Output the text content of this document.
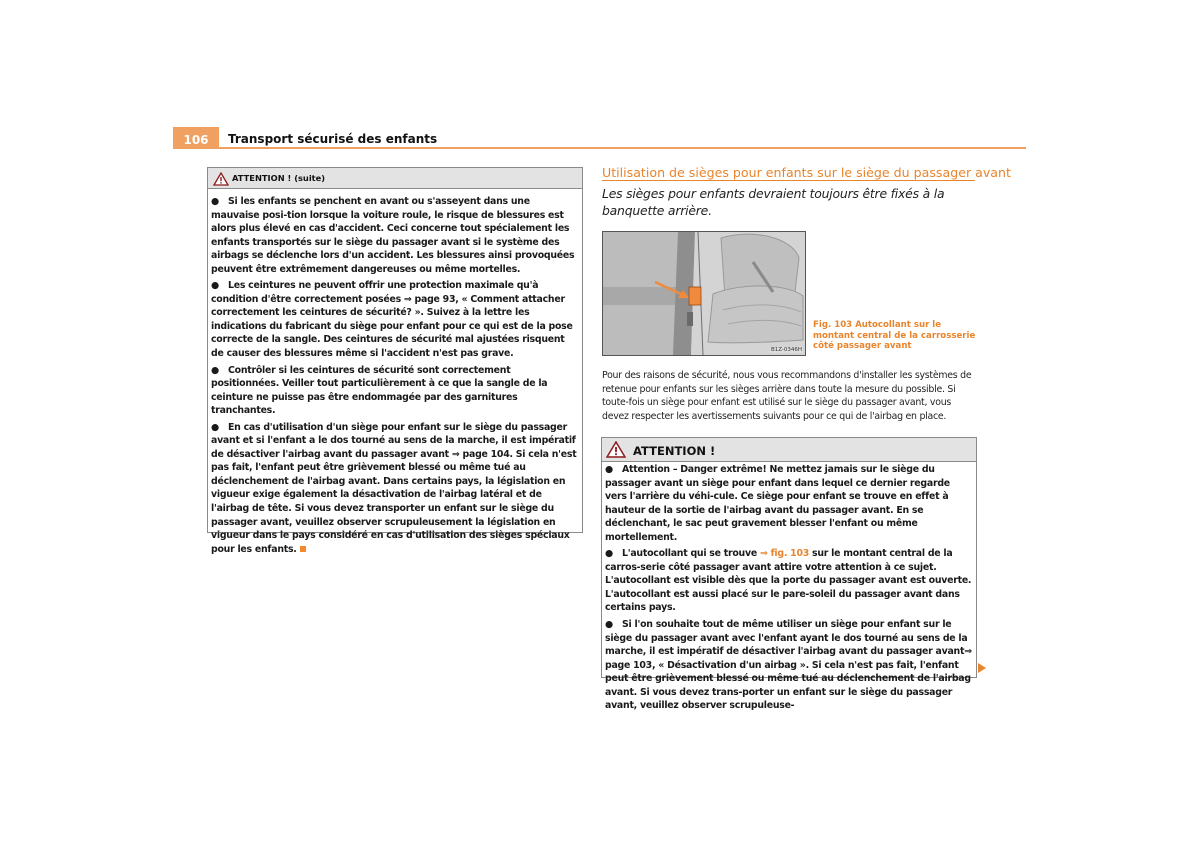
106	Transport sécurisé des enfants
ATTENTION ! (suite)

● Si les enfants se penchent en avant ou s'asseyent dans une mauvaise posi-tion lorsque la voiture roule, le risque de blessures est alors plus élevé en cas d'accident. Ceci concerne tout spécialement les enfants transportés sur le siège du passager avant si le système des airbags se déclenche lors d'un accident. Les blessures ainsi provoquées peuvent être extrêmement dangereuses ou même mortelles.

● Les ceintures ne peuvent offrir une protection maximale qu'à condition d'être correctement posées ⇒ page 93, « Comment attacher correctement les ceintures de sécurité? ». Suivez à la lettre les indications du fabricant du siège pour enfant pour ce qui est de la pose correcte de la sangle. Des ceintures de sécurité mal ajustées risquent de causer des blessures même si l'accident n'est pas grave.

● Contrôler si les ceintures de sécurité sont correctement positionnées. Veiller tout particulièrement à ce que la sangle de la ceinture ne puisse pas être endommagée par des garnitures tranchantes.

● En cas d'utilisation d'un siège pour enfant sur le siège du passager avant et si l'enfant a le dos tourné au sens de la marche, il est impératif de désactiver l'airbag avant du passager avant ⇒ page 104. Si cela n'est pas fait, l'enfant peut être grièvement blessé ou même tué au déclenchement de l'airbag avant. Dans certains pays, la législation en vigueur exige également la désactivation de l'airbag latéral et de l'airbag de tête. Si vous devez transporter un enfant sur le siège du passager avant, veuillez observer scrupuleusement la législation en vigueur dans le pays considéré en cas d'utilisation des sièges spéciaux pour les enfants.

Utilisation de sièges pour enfants sur le siège du passager avant
Les sièges pour enfants devraient toujours être fixés à la banquette arrière.
B1Z-0346H
Fig. 103 Autocollant sur le montant central de la carrosserie côté passager avant
Pour des raisons de sécurité, nous vous recommandons d'installer les systèmes de retenue pour enfants sur les sièges arrière dans toute la mesure du possible. Si toute-fois un siège pour enfant est utilisé sur le siège du passager avant, vous devez respecter les avertissements suivants pour ce qui de l'airbag en place.
ATTENTION !

● Attention – Danger extrême! Ne mettez jamais sur le siège du passager avant un siège pour enfant dans lequel ce dernier regarde vers l'arrière du véhi-cule. Ce siège pour enfant se trouve en effet à hauteur de la sortie de l'airbag avant du passager avant. En se déclenchant, le sac peut gravement blesser l'enfant ou même mortellement.

● L'autocollant qui se trouve ⇒ fig. 103 sur le montant central de la carros-serie côté passager avant attire votre attention à ce sujet. L'autocollant est visible dès que la porte du passager avant est ouverte. L'autocollant est aussi placé sur le pare-soleil du passager avant dans certains pays.

● Si l'on souhaite tout de même utiliser un siège pour enfant sur le siège du passager avant avec l'enfant ayant le dos tourné au sens de la marche, il est impératif de désactiver l'airbag avant du passager avant⇒ page 103, « Désactivation d'un airbag ». Si cela n'est pas fait, l'enfant peut être grièvement blessé ou même tué au déclenchement de l'airbag avant. Si vous devez trans-porter un enfant sur le siège du passager avant, veuillez observer scrupuleuse-
